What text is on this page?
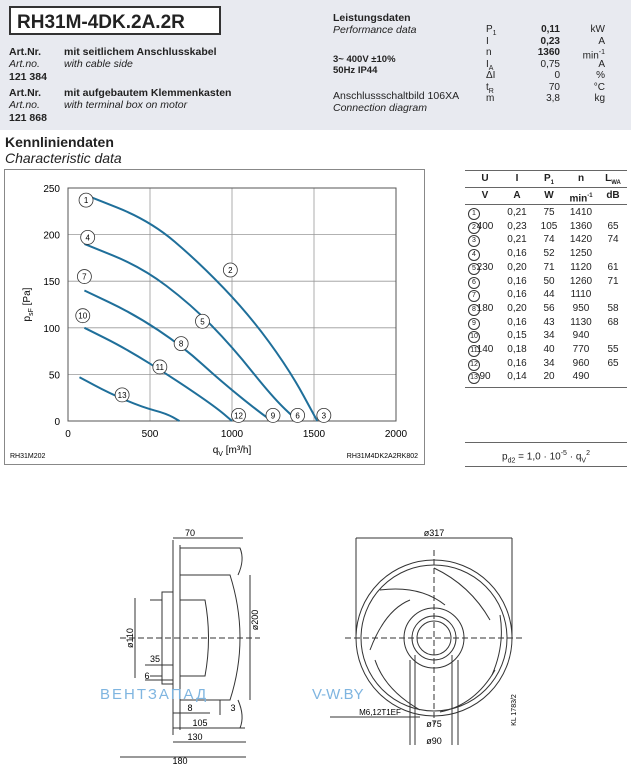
RH31M-4DK.2A.2R
Art.Nr. mit seitlichem Anschlusskabel
Art.no. with cable side
121 384
Art.Nr. mit aufgebautem Klemmenkasten
Art.no. with terminal box on motor
121 868
Leistungsdaten
Performance data
3~ 400V ±10%
50Hz IP44
Anschlussschaltbild 106XA
Connection diagram
$P_1$	0,11	kW
I	0,23	A
n	1360	$\min^{-1}$
$I_A$	0,75	A
ΔI	0	%
$t_R$	70	°C
m	3,8	kg
Kennliniendaten
Characteristic data
0	500	1000	1500	2000
0
50
100
150
200
250
$q_V$ [m³/h]
$p_{sF}$ [Pa]
RH31M202	RH31M4DK2A2RK802
1
4
7
10
13
2
5
8
11
12	9	6	3
U	I	$P_1$	n	$L_{WA}$
V	A	W	$\min^{-1}$	dB
1	0,21	75	1410
2 400	0,23	105	1360	65
3	0,21	74	1420	74
4	0,16	52	1250
5 230	0,20	71	1120	61
6	0,16	50	1260	71
7	0,16	44	1110
8 180	0,20	56	950	58
9	0,16	43	1130	68
10	0,15	34	940
11 140	0,18	40	770	55
12	0,16	34	960	65
13 90	0,14	20	490
$p_{d2} = 1,0 \cdot 10^{-5} \cdot q_V^2$
70
ø110
ø200
35
6
8	3
105
130
180
ø317
M6,12T1EF
ø75
ø90
KL 1783/2
ВЕНТЗАПАД	V-W.BY
